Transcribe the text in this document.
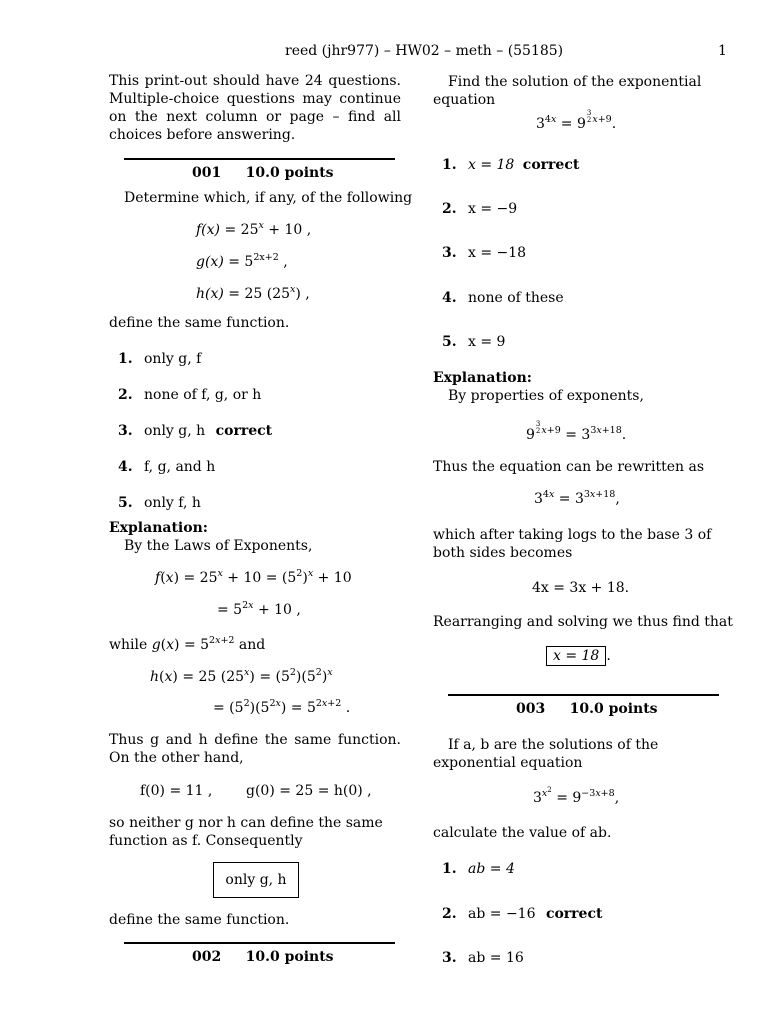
reed (jhr977) – HW02 – meth – (55185)	1
This print-out should have 24 questions. Multiple-choice questions may continue on the next column or page – find all choices before answering.
001 10.0 points
Determine which, if any, of the following
$f(x) = 25^x + 10$ ,
$g(x) = 5^{2x+2}$ ,
h(x) = 25 (25$^x$) ,
define the same function.
1. only g, f
2. none of f, g, or h
3. only g, h correct
4. f, g, and h
5. only f, h
Explanation:
By the Laws of Exponents,
$f(x) = 25^x + 10 = (5^2)^x + 10$
= $5^{2x} + 10$ ,
while $g(x) = 5^{2x+2}$ and
h(x) = 25 $(25^x) = (5^2)(5^2)^x$
= $(5^2)(5^{2x}) = 5^{2x+2}$ .
Thus g and h define the same function. On the other hand,
f(0) = 11 , g(0) = 25 = h(0) ,
so neither g nor h can define the same function as f. Consequently
only g, h
define the same function.
002 10.0 points
Find the solution of the exponential equation
$3^{4x} = 9$
$^{3 2 x+9}$.
1. x = 18 correct
2. x = −9
3. x = −18
4. none of these
5. x = 9
Explanation:
By properties of exponents,
9
$^{3 2 x+9} = 3^{3x+18}$.
Thus the equation can be rewritten as
$3^{4x} = 3^{3x+18}$,
which after taking logs to the base 3 of both sides becomes
4x = 3x + 18.
Rearranging and solving we thus find that
x = 18 .
003 10.0 points
If a, b are the solutions of the exponential equation
$3^{x^2} = 9^{-3x+8}$,
calculate the value of ab.
1. ab = 4
2. ab = −16 correct
3. ab = 16
